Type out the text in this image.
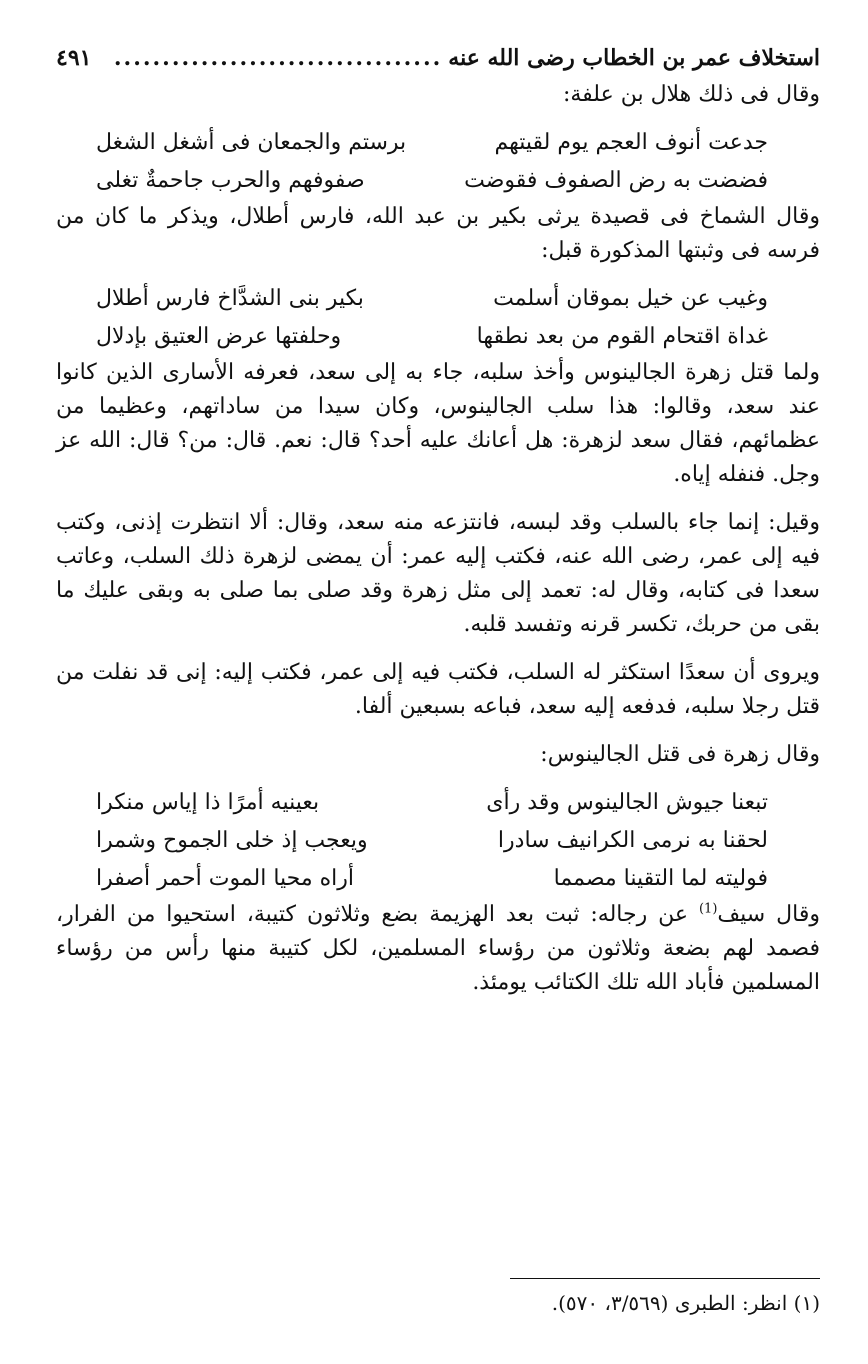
استخلاف عمر بن الخطاب رضى الله عنه
..................................
٤٩١

وقال فى ذلك هلال بن علفة:

جدعت أنوف العجم يوم لقيتهم
برستم والجمعان فى أشغل الشغل
فضضت به رض الصفوف فقوضت
صفوفهم والحرب جاحمةٌ تغلى

وقال الشماخ فى قصيدة يرثى بكير بن عبد الله، فارس أطلال، ويذكر ما كان من فرسه فى وثبتها المذكورة قبل:

وغيب عن خيل بموقان أسلمت
بكير بنى الشدَّاخ فارس أطلال
غداة اقتحام القوم من بعد نطقها
وحلفتها عرض العتيق بإدلال

ولما قتل زهرة الجالينوس وأخذ سلبه، جاء به إلى سعد، فعرفه الأسارى الذين كانوا عند سعد، وقالوا: هذا سلب الجالينوس، وكان سيدا من ساداتهم، وعظيما من عظمائهم، فقال سعد لزهرة: هل أعانك عليه أحد؟ قال: نعم. قال: من؟ قال: الله عز وجل. فنفله إياه.

وقيل: إنما جاء بالسلب وقد لبسه، فانتزعه منه سعد، وقال: ألا انتظرت إذنى، وكتب فيه إلى عمر، رضى الله عنه، فكتب إليه عمر: أن يمضى لزهرة ذلك السلب، وعاتب سعدا فى كتابه، وقال له: تعمد إلى مثل زهرة وقد صلى بما صلى به وبقى عليك ما بقى من حربك، تكسر قرنه وتفسد قلبه.

ويروى أن سعدًا استكثر له السلب، فكتب فيه إلى عمر، فكتب إليه: إنى قد نفلت من قتل رجلا سلبه، فدفعه إليه سعد، فباعه بسبعين ألفا.

وقال زهرة فى قتل الجالينوس:

تبعنا جيوش الجالينوس وقد رأى
بعينيه أمرًا ذا إياس منكرا
لحقنا به نرمى الكرانيف سادرا
ويعجب إذ خلى الجموح وشمرا
فوليته لما التقينا مصمما
أراه محيا الموت أحمر أصفرا

وقال سيف$^{(1)}$ عن رجاله: ثبت بعد الهزيمة بضع وثلاثون كتيبة، استحيوا من الفرار، فصمد لهم بضعة وثلاثون من رؤساء المسلمين، لكل كتيبة منها رأس من رؤساء المسلمين فأباد الله تلك الكتائب يومئذ.

(١) انظر: الطبرى (٣/٥٦٩، ٥٧٠).
